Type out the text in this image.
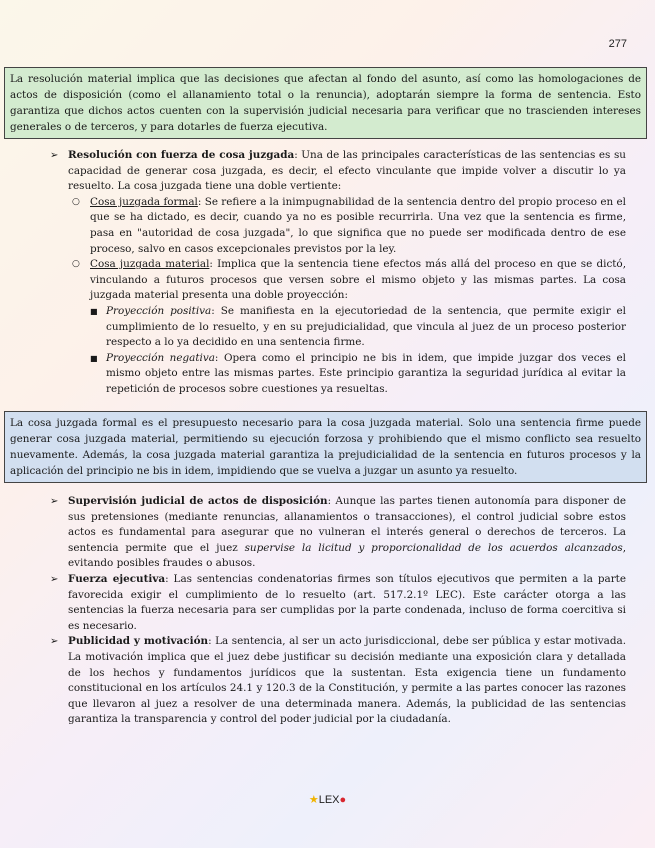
277
La resolución material implica que las decisiones que afectan al fondo del asunto, así como las homologaciones de actos de disposición (como el allanamiento total o la renuncia), adoptarán siempre la forma de sentencia. Esto garantiza que dichos actos cuenten con la supervisión judicial necesaria para verificar que no trascienden intereses generales o de terceros, y para dotarles de fuerza ejecutiva.
➢ Resolución con fuerza de cosa juzgada: Una de las principales características de las sentencias es su capacidad de generar cosa juzgada, es decir, el efecto vinculante que impide volver a discutir lo ya resuelto. La cosa juzgada tiene una doble vertiente:
○ Cosa juzgada formal: Se refiere a la inimpugnabilidad de la sentencia dentro del propio proceso en el que se ha dictado, es decir, cuando ya no es posible recurrirla. Una vez que la sentencia es firme, pasa en "autoridad de cosa juzgada", lo que significa que no puede ser modificada dentro de ese proceso, salvo en casos excepcionales previstos por la ley.
○ Cosa juzgada material: Implica que la sentencia tiene efectos más allá del proceso en que se dictó, vinculando a futuros procesos que versen sobre el mismo objeto y las mismas partes. La cosa juzgada material presenta una doble proyección:
■ Proyección positiva: Se manifiesta en la ejecutoriedad de la sentencia, que permite exigir el cumplimiento de lo resuelto, y en su prejudicialidad, que vincula al juez de un proceso posterior respecto a lo ya decidido en una sentencia firme.
■ Proyección negativa: Opera como el principio ne bis in idem, que impide juzgar dos veces el mismo objeto entre las mismas partes. Este principio garantiza la seguridad jurídica al evitar la repetición de procesos sobre cuestiones ya resueltas.
La cosa juzgada formal es el presupuesto necesario para la cosa juzgada material. Solo una sentencia firme puede generar cosa juzgada material, permitiendo su ejecución forzosa y prohibiendo que el mismo conflicto sea resuelto nuevamente. Además, la cosa juzgada material garantiza la prejudicialidad de la sentencia en futuros procesos y la aplicación del principio ne bis in idem, impidiendo que se vuelva a juzgar un asunto ya resuelto.
➢ Supervisión judicial de actos de disposición: Aunque las partes tienen autonomía para disponer de sus pretensiones (mediante renuncias, allanamientos o transacciones), el control judicial sobre estos actos es fundamental para asegurar que no vulneran el interés general o derechos de terceros. La sentencia permite que el juez supervise la licitud y proporcionalidad de los acuerdos alcanzados, evitando posibles fraudes o abusos.
➢ Fuerza ejecutiva: Las sentencias condenatorias firmes son títulos ejecutivos que permiten a la parte favorecida exigir el cumplimiento de lo resuelto (art. 517.2.1º LEC). Este carácter otorga a las sentencias la fuerza necesaria para ser cumplidas por la parte condenada, incluso de forma coercitiva si es necesario.
➢ Publicidad y motivación: La sentencia, al ser un acto jurisdiccional, debe ser pública y estar motivada. La motivación implica que el juez debe justificar su decisión mediante una exposición clara y detallada de los hechos y fundamentos jurídicos que la sustentan. Esta exigencia tiene un fundamento constitucional en los artículos 24.1 y 120.3 de la Constitución, y permite a las partes conocer las razones que llevaron al juez a resolver de una determinada manera. Además, la publicidad de las sentencias garantiza la transparencia y control del poder judicial por la ciudadanía.
★LEX●
